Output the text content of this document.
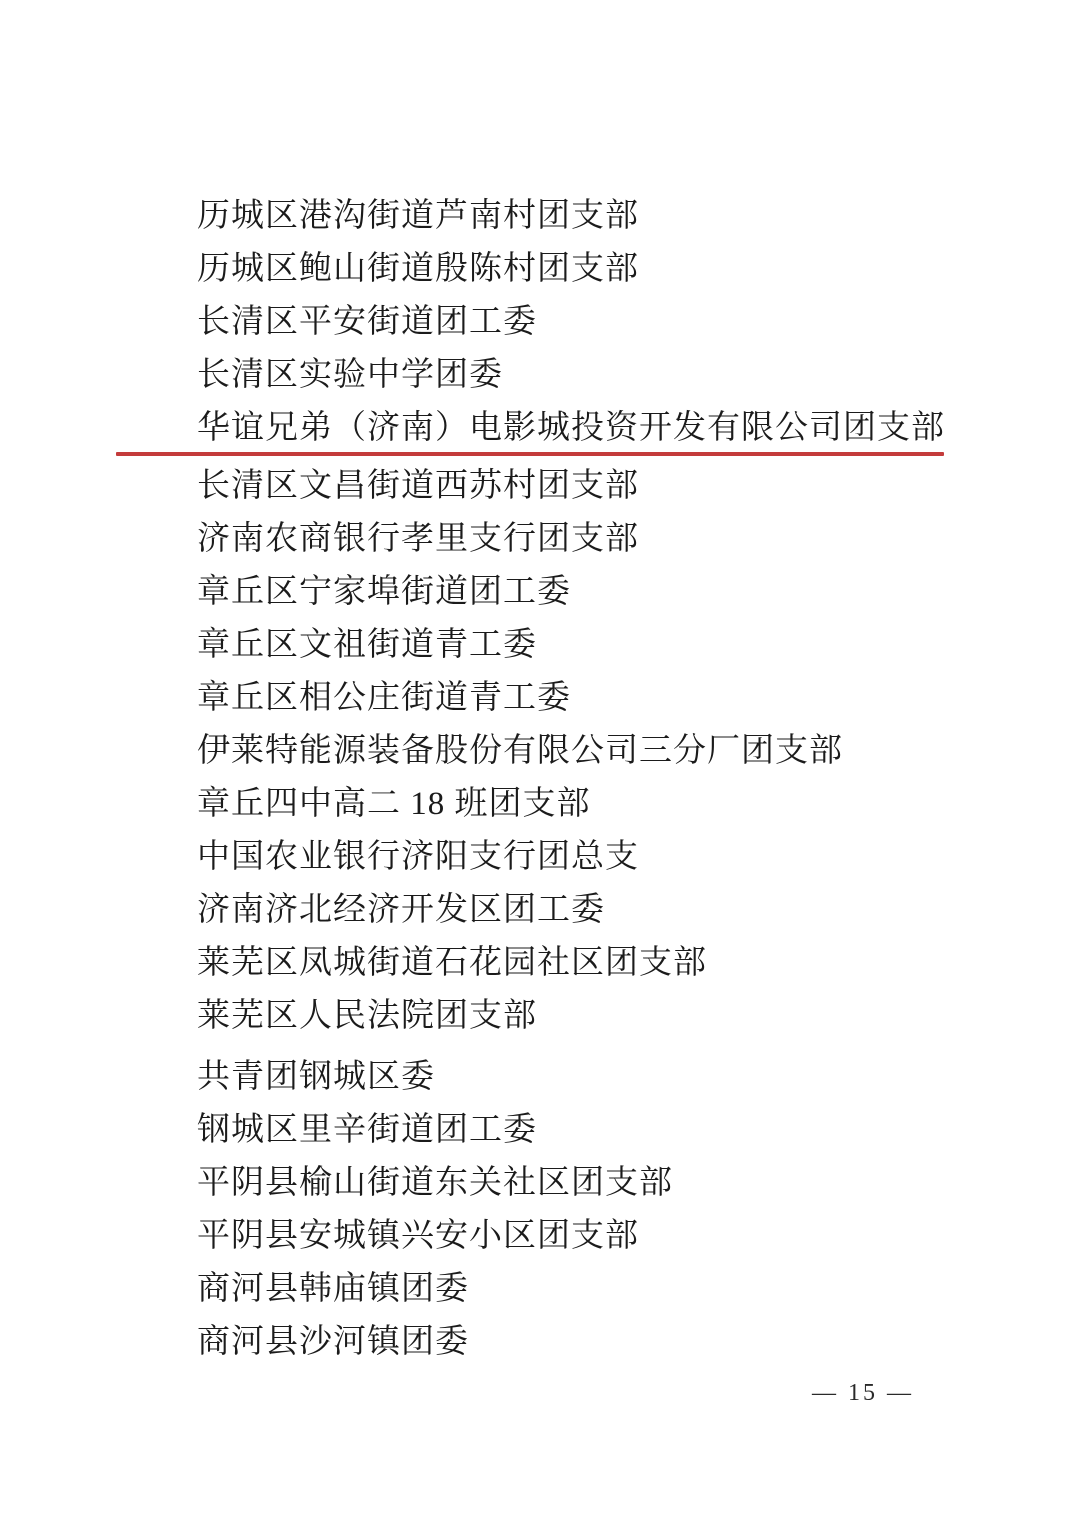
历城区港沟街道芦南村团支部
历城区鲍山街道殷陈村团支部
长清区平安街道团工委
长清区实验中学团委
华谊兄弟（济南）电影城投资开发有限公司团支部
长清区文昌街道西苏村团支部
济南农商银行孝里支行团支部
章丘区宁家埠街道团工委
章丘区文祖街道青工委
章丘区相公庄街道青工委
伊莱特能源装备股份有限公司三分厂团支部
章丘四中高二 18 班团支部
中国农业银行济阳支行团总支
济南济北经济开发区团工委
莱芜区凤城街道石花园社区团支部
莱芜区人民法院团支部
共青团钢城区委
钢城区里辛街道团工委
平阴县榆山街道东关社区团支部
平阴县安城镇兴安小区团支部
商河县韩庙镇团委
商河县沙河镇团委
— 15 —
